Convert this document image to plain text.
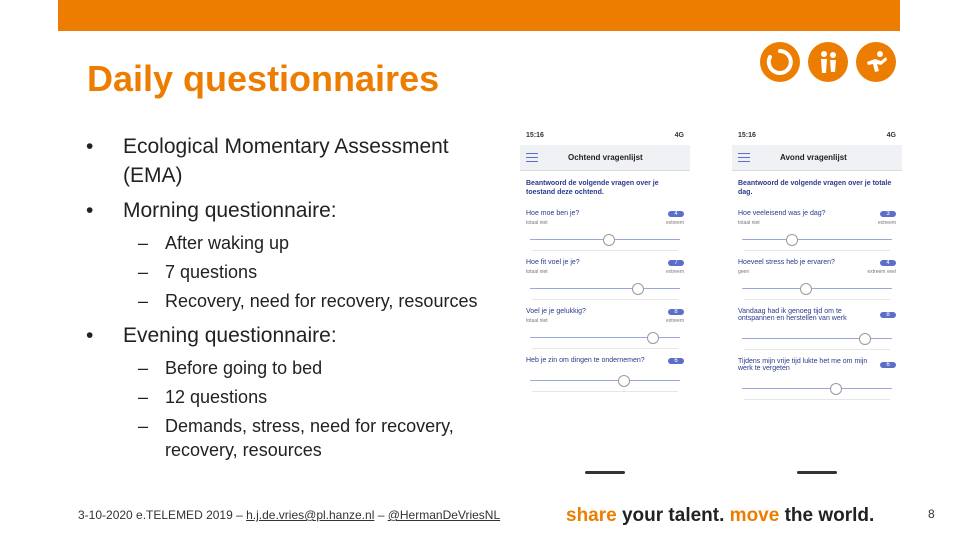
Daily questionnaires
• Ecological Momentary Assessment (EMA)
• Morning questionnaire:
– After waking up
– 7 questions
– Recovery, need for recovery, resources
• Evening questionnaire:
– Before going to bed
– 12 questions
– Demands, stress, need for recovery, recovery, resources
15:16	4G
Ochtend vragenlijst
Beantwoord de volgende vragen over je toestand deze ochtend.
Hoe moe ben je?	4
totaal niet	extreem
Hoe fit voel je je?	7
totaal niet	extreem
Voel je je gelukkig?	8
totaal niet	extreem
Heb je zin om dingen te ondernemen?	6
15:16	4G
Avond vragenlijst
Beantwoord de volgende vragen over je totale dag.
Hoe veeleisend was je dag?	3
totaal niet	extreem
Hoeveel stress heb je ervaren?	4
geen	extreem veel
Vandaag had ik genoeg tijd om te ontspannen en herstellen van werk	8
Tijdens mijn vrije tijd lukte het me om mijn werk te vergeten	6
3-10-2020 e.TELEMED 2019 – h.j.de.vries@pl.hanze.nl – @HermanDeVriesNL	share your talent. move the world.	8
